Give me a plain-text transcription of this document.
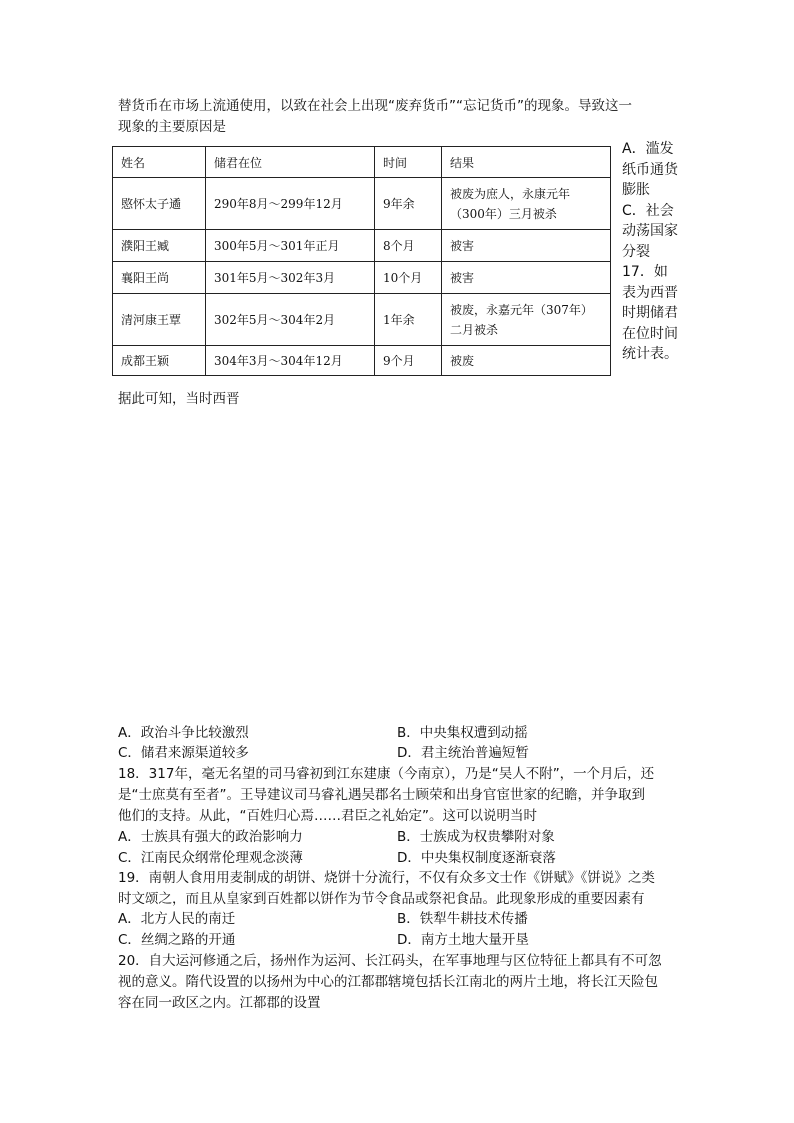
替货币在市场上流通使用，以致在社会上出现“废弃货币”“忘记货币”的现象。导致这一
现象的主要原因是
姓名	储君在位	时间	结果
愍怀太子遹	290年8月～299年12月	9年余	被废为庶人，永康元年（300年）三月被杀
濮阳王臧	300年5月～301年正月	8个月	被害
襄阳王尚	301年5月～302年3月	10个月	被害
清河康王覃	302年5月～304年2月	1年余	被废，永嘉元年（307年）二月被杀
成都王颖	304年3月～304年12月	9个月	被废
A．滥发纸币通货膨胀
C．社会动荡国家分裂
17．如表为西晋时期储君在位时间统计表。
据此可知，当时西晋
A．政治斗争比较激烈	B．中央集权遭到动摇
C．储君来源渠道较多	D．君主统治普遍短暂
18．317年，毫无名望的司马睿初到江东建康（今南京），乃是“吴人不附”，一个月后，还
是“士庶莫有至者”。王导建议司马睿礼遇吴郡名士顾荣和出身官宦世家的纪瞻，并争取到
他们的支持。从此，“百姓归心焉……君臣之礼始定”。这可以说明当时
A．士族具有强大的政治影响力	B．士族成为权贵攀附对象
C．江南民众纲常伦理观念淡薄	D．中央集权制度逐渐衰落
19．南朝人食用用麦制成的胡饼、烧饼十分流行，不仅有众多文士作《饼赋》《饼说》之类
时文颂之，而且从皇家到百姓都以饼作为节令食品或祭祀食品。此现象形成的重要因素有
A．北方人民的南迁	B．铁犁牛耕技术传播
C．丝绸之路的开通	D．南方土地大量开垦
20．自大运河修通之后，扬州作为运河、长江码头，在军事地理与区位特征上都具有不可忽
视的意义。隋代设置的以扬州为中心的江都郡辖境包括长江南北的两片土地，将长江天险包
容在同一政区之内。江都郡的设置
